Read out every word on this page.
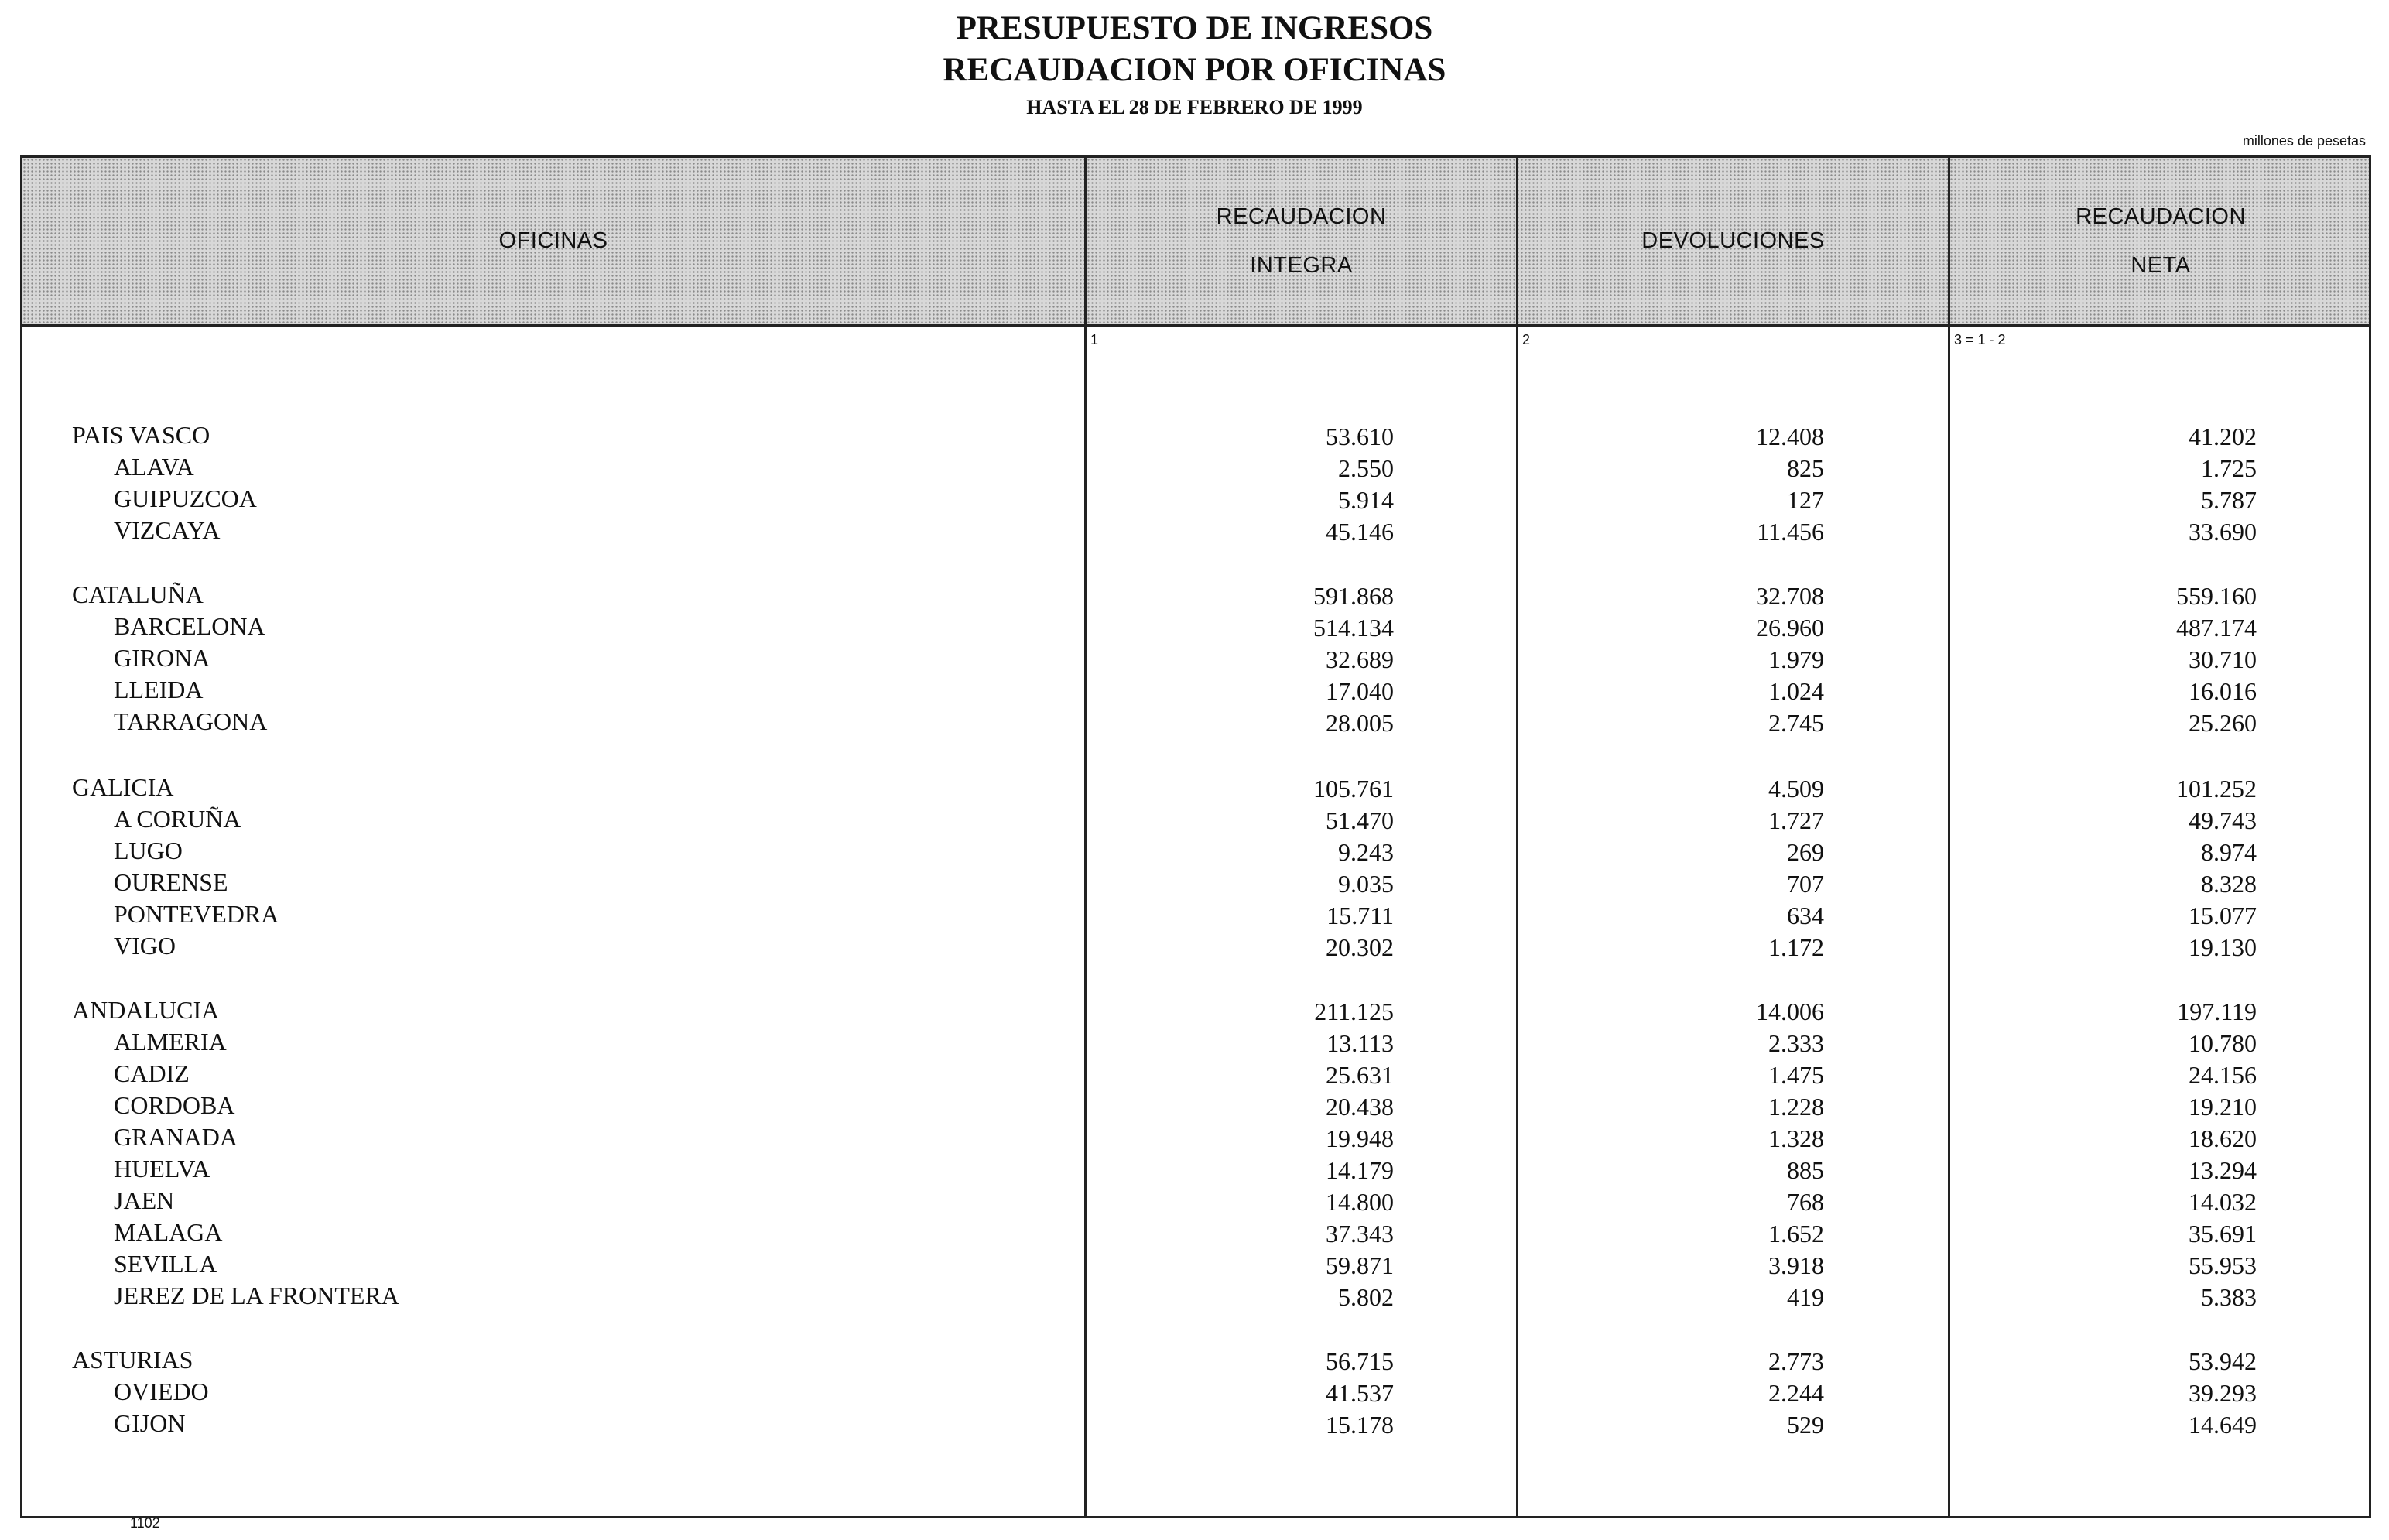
PRESUPUESTO DE INGRESOS
RECAUDACION POR OFICINAS
HASTA EL 28 DE FEBRERO DE 1999
millones de pesetas
OFICINAS
RECAUDACION
INTEGRA
DEVOLUCIONES
RECAUDACION
NETA
1	2	3 = 1 - 2
PAIS VASCO	53.610	12.408	41.202
ALAVA	2.550	825	1.725
GUIPUZCOA	5.914	127	5.787
VIZCAYA	45.146	11.456	33.690
CATALUÑA	591.868	32.708	559.160
BARCELONA	514.134	26.960	487.174
GIRONA	32.689	1.979	30.710
LLEIDA	17.040	1.024	16.016
TARRAGONA	28.005	2.745	25.260
GALICIA	105.761	4.509	101.252
A CORUÑA	51.470	1.727	49.743
LUGO	9.243	269	8.974
OURENSE	9.035	707	8.328
PONTEVEDRA	15.711	634	15.077
VIGO	20.302	1.172	19.130
ANDALUCIA	211.125	14.006	197.119
ALMERIA	13.113	2.333	10.780
CADIZ	25.631	1.475	24.156
CORDOBA	20.438	1.228	19.210
GRANADA	19.948	1.328	18.620
HUELVA	14.179	885	13.294
JAEN	14.800	768	14.032
MALAGA	37.343	1.652	35.691
SEVILLA	59.871	3.918	55.953
JEREZ DE LA FRONTERA	5.802	419	5.383
ASTURIAS	56.715	2.773	53.942
OVIEDO	41.537	2.244	39.293
GIJON	15.178	529	14.649
1102
